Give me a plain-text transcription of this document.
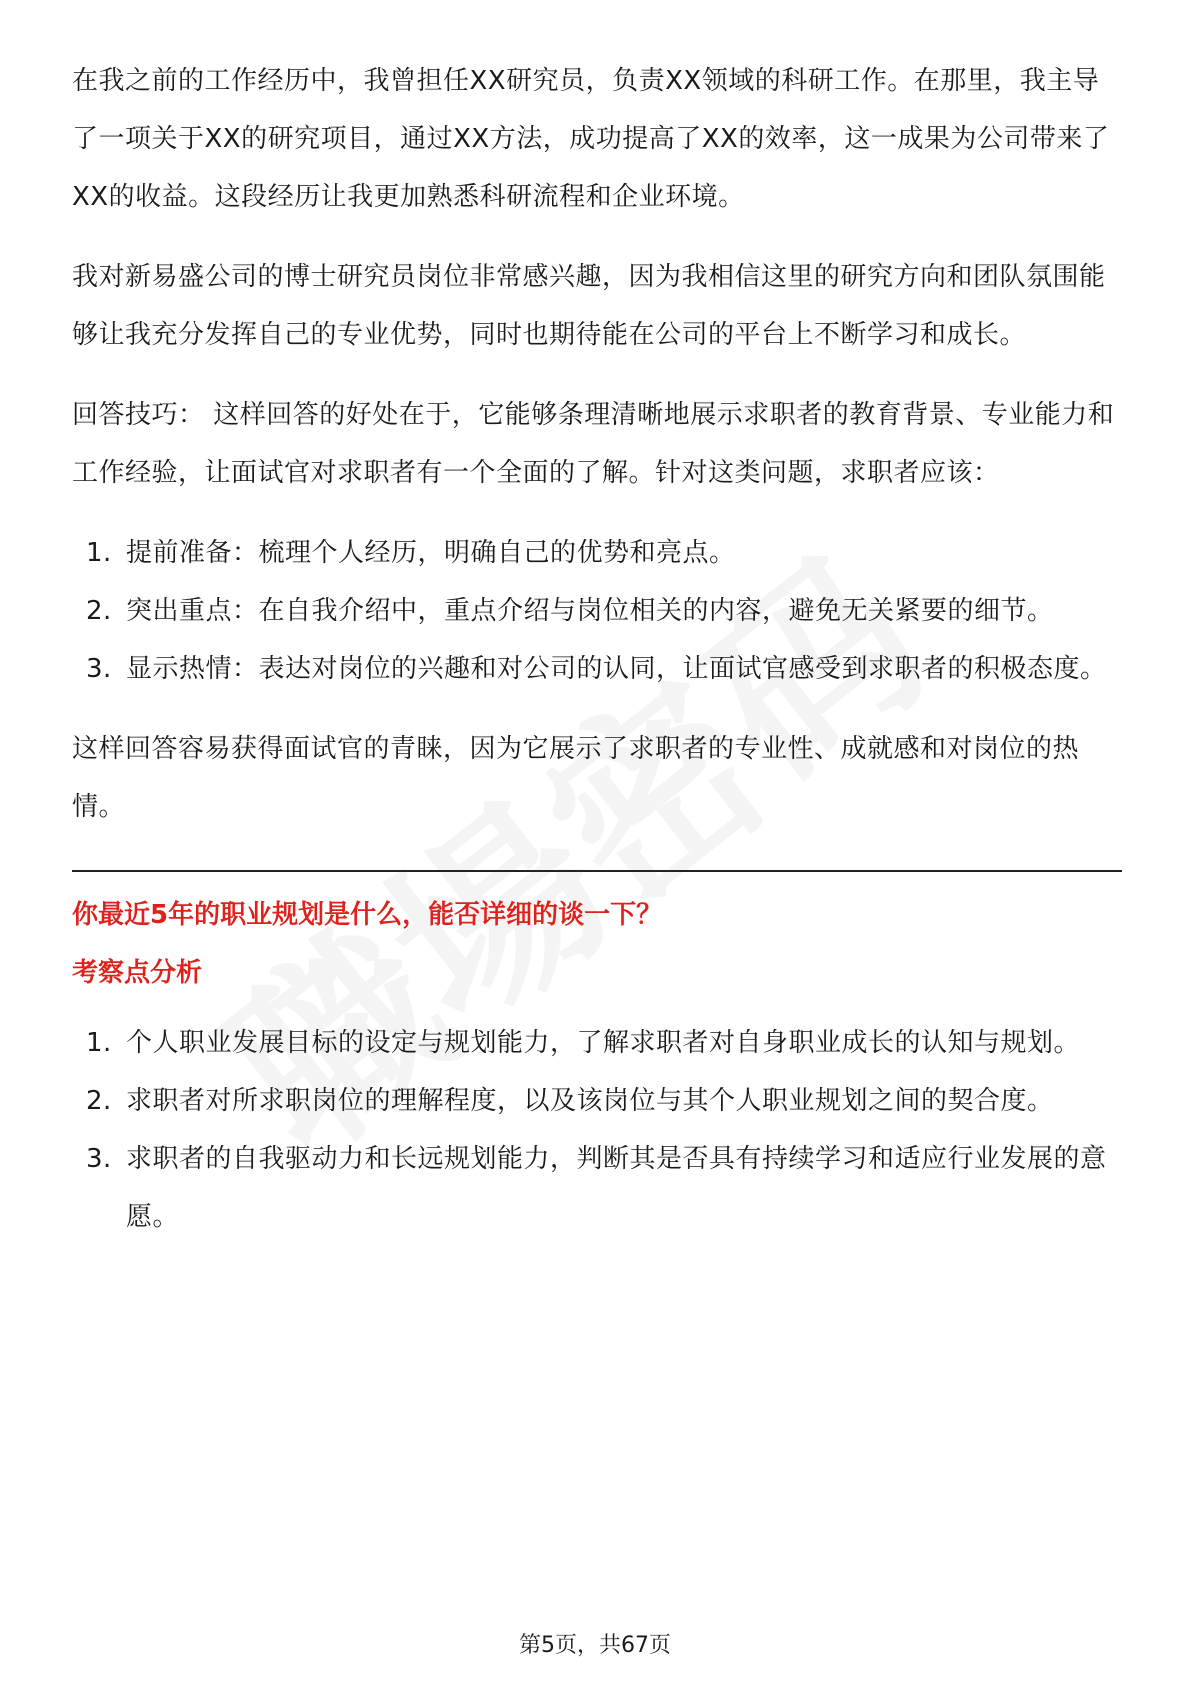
在我之前的工作经历中，我曾担任XX研究员，负责XX领域的科研工作。在那里，我主导了一项关于XX的研究项目，通过XX方法，成功提高了XX的效率，这一成果为公司带来了XX的收益。这段经历让我更加熟悉科研流程和企业环境。

我对新易盛公司的博士研究员岗位非常感兴趣，因为我相信这里的研究方向和团队氛围能够让我充分发挥自己的专业优势，同时也期待能在公司的平台上不断学习和成长。

回答技巧： 这样回答的好处在于，它能够条理清晰地展示求职者的教育背景、专业能力和工作经验，让面试官对求职者有一个全面的了解。针对这类问题，求职者应该：

1. 提前准备：梳理个人经历，明确自己的优势和亮点。
2. 突出重点：在自我介绍中，重点介绍与岗位相关的内容，避免无关紧要的细节。
3. 显示热情：表达对岗位的兴趣和对公司的认同，让面试官感受到求职者的积极态度。

这样回答容易获得面试官的青睐，因为它展示了求职者的专业性、成就感和对岗位的热情。

你最近5年的职业规划是什么，能否详细的谈一下？

考察点分析

1. 个人职业发展目标的设定与规划能力，了解求职者对自身职业成长的认知与规划。
2. 求职者对所求职岗位的理解程度，以及该岗位与其个人职业规划之间的契合度。
3. 求职者的自我驱动力和长远规划能力，判断其是否具有持续学习和适应行业发展的意愿。
第5页，共67页
